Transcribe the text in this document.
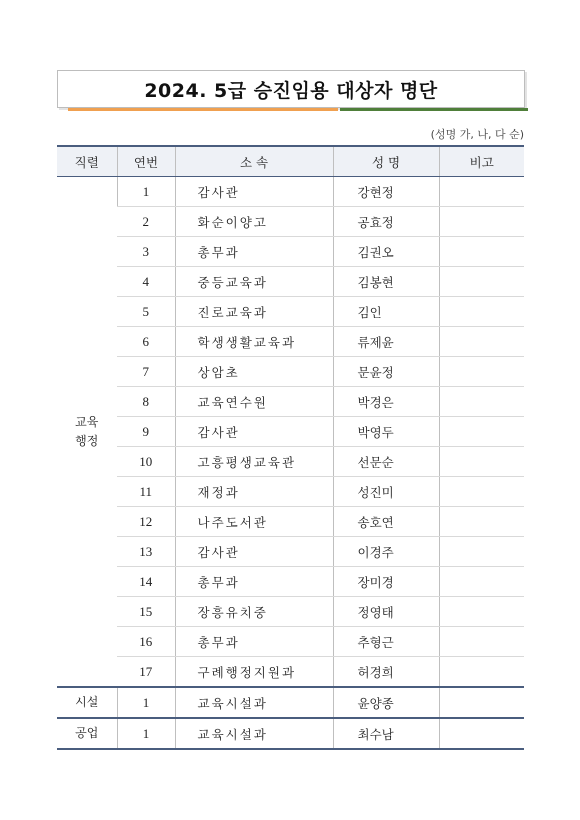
2024. 5급 승진임용 대상자 명단
(성명 가, 나, 다 순)
직렬	연번	소 속	성 명	비고
교육
행정	1	감사관	강현정	
	2	화순이양고	공효정	
	3	총무과	김권오	
	4	중등교육과	김봉현	
	5	진로교육과	김인	
	6	학생생활교육과	류제윤	
	7	상암초	문윤정	
	8	교육연수원	박경은	
	9	감사관	박영두	
	10	고흥평생교육관	선문순	
	11	재정과	성진미	
	12	나주도서관	송호연	
	13	감사관	이경주	
	14	총무과	장미경	
	15	장흥유치중	정영태	
	16	총무과	추형근	
	17	구례행정지원과	허경희	
시설	1	교육시설과	윤양종	
공업	1	교육시설과	최수남	
